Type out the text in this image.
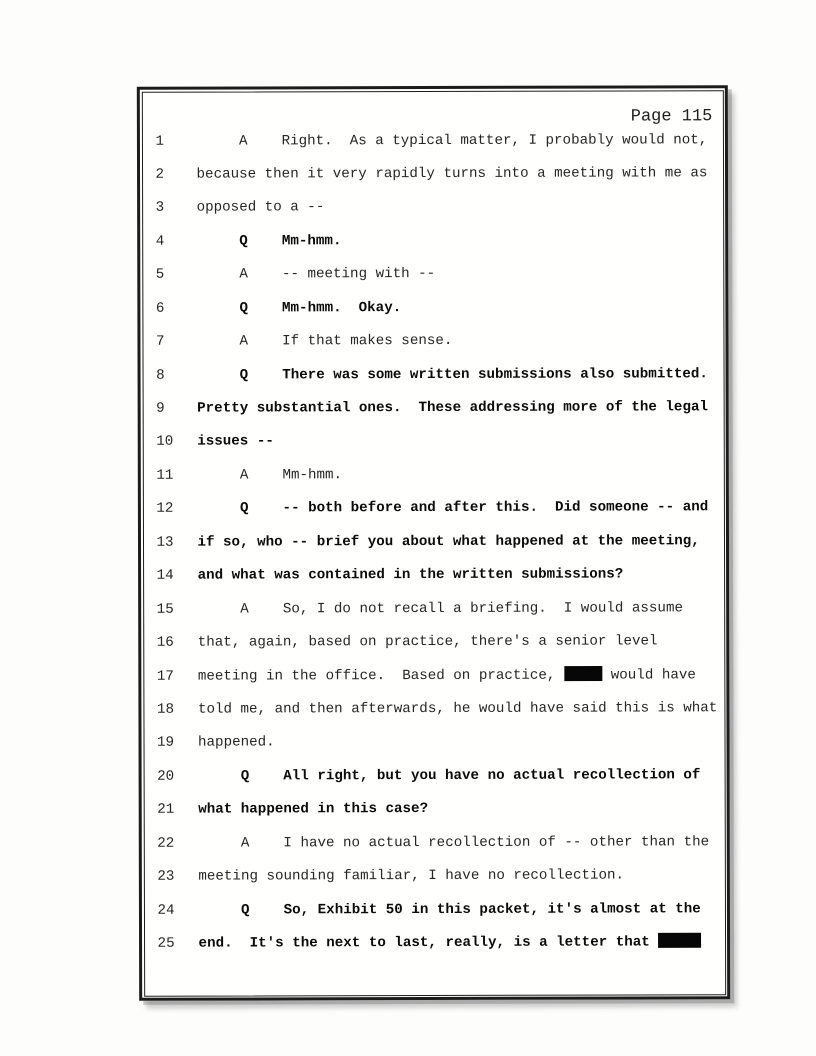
Page 115
1     A    Right.  As a typical matter, I probably would not,
2 because then it very rapidly turns into a meeting with me as
3 opposed to a --
4     Q    Mm-hmm.
5     A    -- meeting with --
6     Q    Mm-hmm.  Okay.
7     A    If that makes sense.
8     Q    There was some written submissions also submitted.
9 Pretty substantial ones.  These addressing more of the legal
10 issues --
11     A    Mm-hmm.
12     Q    -- both before and after this.  Did someone -- and
13 if so, who -- brief you about what happened at the meeting,
14 and what was contained in the written submissions?
15     A    So, I do not recall a briefing.  I would assume
16 that, again, based on practice, there's a senior level
17 meeting in the office.  Based on practice,	would have
18 told me, and then afterwards, he would have said this is what
19 happened.
20     Q    All right, but you have no actual recollection of
21 what happened in this case?
22     A    I have no actual recollection of -- other than the
23 meeting sounding familiar, I have no recollection.
24     Q    So, Exhibit 50 in this packet, it's almost at the
25 end.  It's the next to last, really, is a letter that
